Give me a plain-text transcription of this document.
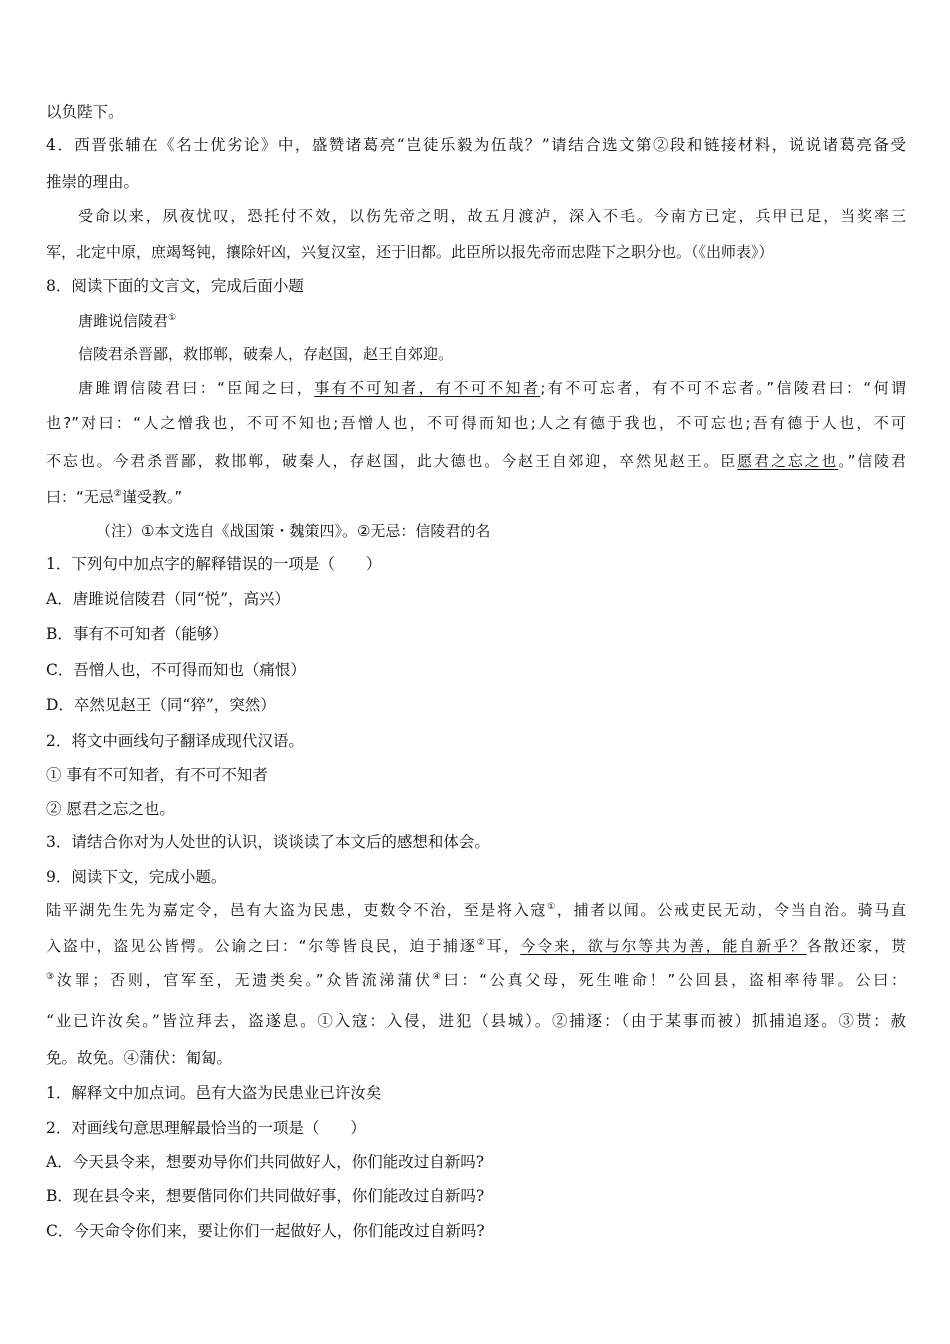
以负陛下。
4．西晋张辅在《名士优劣论》中，盛赞诸葛亮“岂徒乐毅为伍哉？”请结合选文第②段和链接材料，说说诸葛亮备受
推崇的理由。
受命以来，夙夜忧叹，恐托付不效，以伤先帝之明，故五月渡泸，深入不毛。今南方已定，兵甲已足，当奖率三
军，北定中原，庶竭驽钝，攘除奸凶，兴复汉室，还于旧都。此臣所以报先帝而忠陛下之职分也。（《出师表》）
8．阅读下面的文言文，完成后面小题
唐雎说信陵君①
信陵君杀晋鄙，救邯郸，破秦人，存赵国，赵王自郊迎。
唐雎谓信陵君曰：“臣闻之曰，事有不可知者，有不可不知者;有不可忘者，有不可不忘者。”信陵君曰：“何谓
也?”对曰：“人之憎我也，不可不知也;吾憎人也，不可得而知也;人之有德于我也，不可忘也;吾有德于人也，不可
不忘也。今君杀晋鄙，救邯郸，破秦人，存赵国，此大德也。今赵王自郊迎，卒然见赵王。臣愿君之忘之也。”信陵君
曰：“无忌②谨受教。”
（注）①本文选自《战国策・魏策四》。②无忌：信陵君的名
1．下列句中加点字的解释错误的一项是（　　）
A．唐雎说信陵君（同“悦”，高兴）
B．事有不可知者（能够）
C．吾憎人也，不可得而知也（痛恨）
D．卒然见赵王（同“猝”，突然）
2．将文中画线句子翻译成现代汉语。
① 事有不可知者，有不可不知者
② 愿君之忘之也。
3．请结合你对为人处世的认识，谈谈读了本文后的感想和体会。
9．阅读下文，完成小题。
陆平湖先生先为嘉定令，邑有大盗为民患，吏数令不治，至是将入寇①，捕者以闻。公戒吏民无动，令当自治。骑马直
入盗中，盗见公皆愕。公谕之曰：“尔等皆良民，迫于捕逐②耳，今令来，欲与尔等共为善，能自新乎？各散还家，贳
③汝罪；否则，官军至，无遗类矣。”众皆流涕蒲伏④曰：“公真父母，死生唯命！”公回县，盗相率待罪。公曰：
“业已许汝矣。”皆泣拜去，盗遂息。①入寇：入侵，进犯（县城）。②捕逐：（由于某事而被）抓捕追逐。③贳：赦
免。故免。④蒲伏：匍匐。
1．解释文中加点词。邑有大盗为民患业已许汝矣
2．对画线句意思理解最恰当的一项是（　　）
A．今天县令来，想要劝导你们共同做好人，你们能改过自新吗?
B．现在县令来，想要偕同你们共同做好事，你们能改过自新吗?
C．今天命令你们来，要让你们一起做好人，你们能改过自新吗?
